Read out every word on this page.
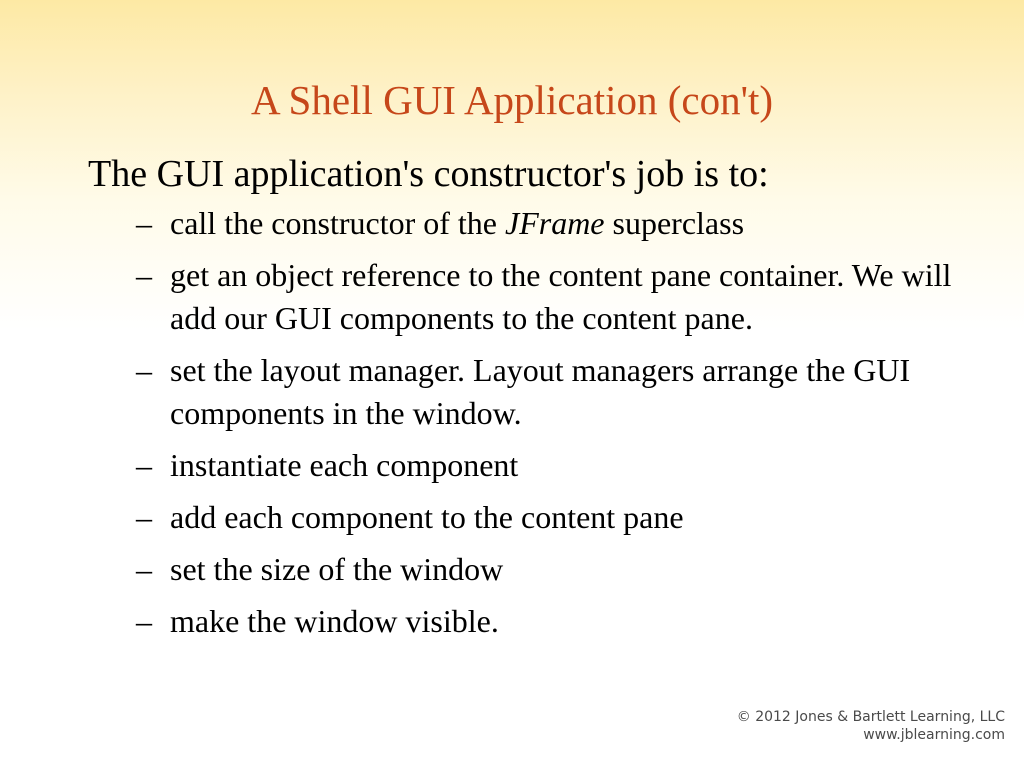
A Shell GUI Application (con't)

The GUI application's constructor's job is to:

– call the constructor of the JFrame superclass
– get an object reference to the content pane container. We will add our GUI components to the content pane.
– set the layout manager. Layout managers arrange the GUI components in the window.
– instantiate each component
– add each component to the content pane
– set the size of the window
– make the window visible.
© 2012 Jones & Bartlett Learning, LLC
www.jblearning.com
